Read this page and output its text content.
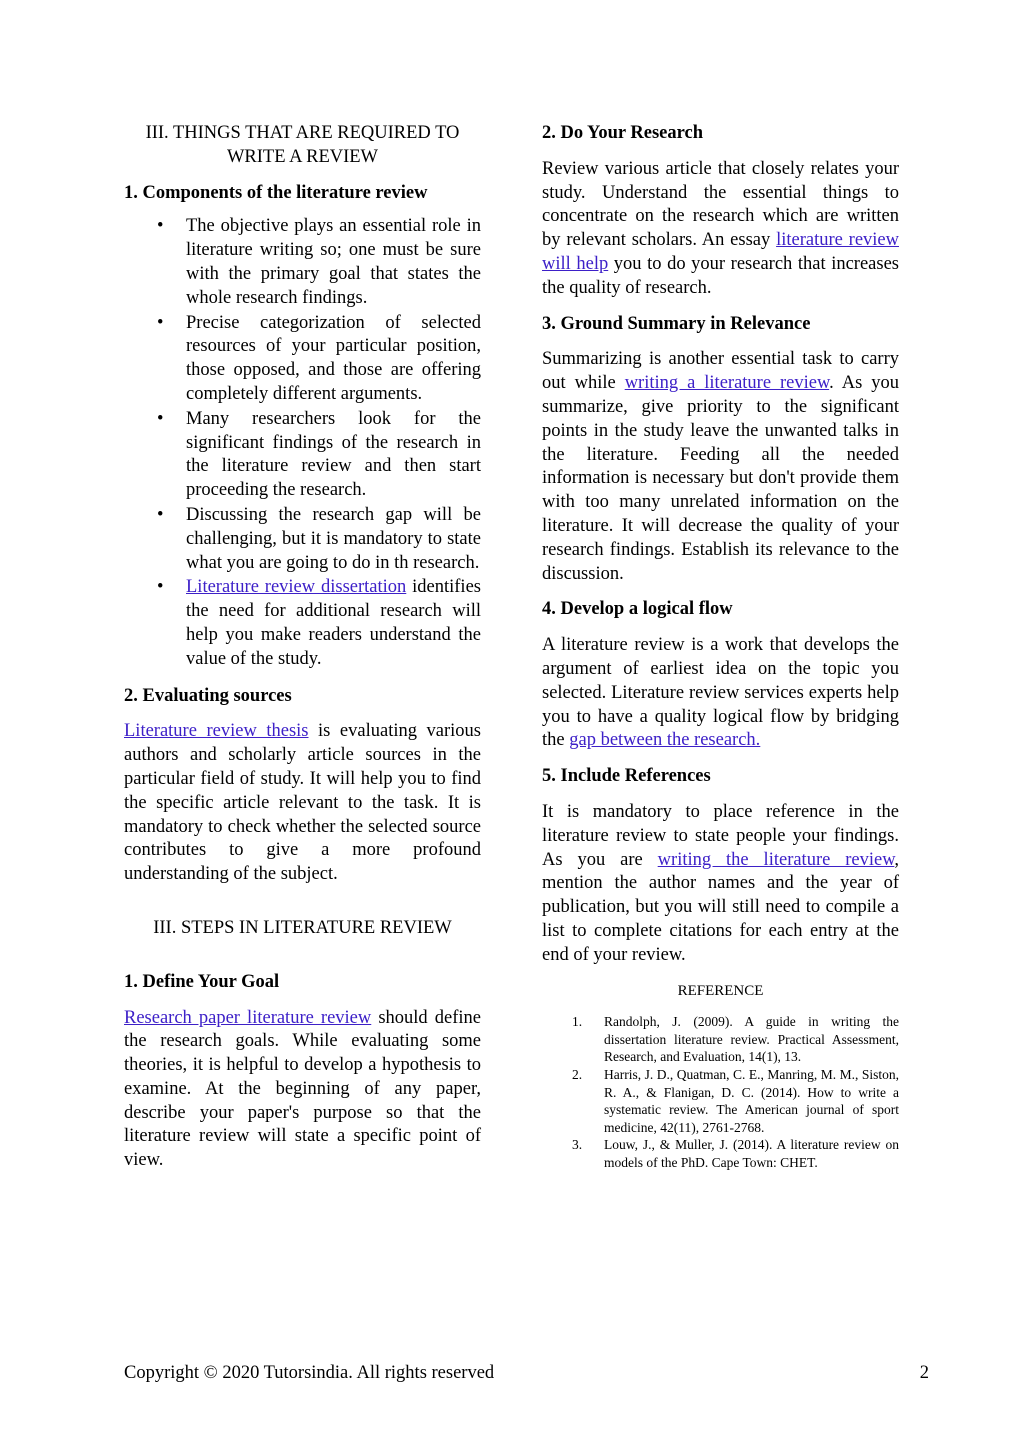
III. THINGS THAT ARE REQUIRED TO WRITE A REVIEW
1. Components of the literature review
• The objective plays an essential role in literature writing so; one must be sure with the primary goal that states the whole research findings.
• Precise categorization of selected resources of your particular position, those opposed, and those are offering completely different arguments.
• Many researchers look for the significant findings of the research in the literature review and then start proceeding the research.
• Discussing the research gap will be challenging, but it is mandatory to state what you are going to do in th research.
• Literature review dissertation identifies the need for additional research will help you make readers understand the value of the study.
2. Evaluating sources

Literature review thesis is evaluating various authors and scholarly article sources in the particular field of study. It will help you to find the specific article relevant to the task. It is mandatory to check whether the selected source contributes to give a more profound understanding of the subject.

III. STEPS IN LITERATURE REVIEW
1. Define Your Goal

Research paper literature review should define the research goals. While evaluating some theories, it is helpful to develop a hypothesis to examine. At the beginning of any paper, describe your paper's purpose so that the literature review will state a specific point of view.

2. Do Your Research

Review various article that closely relates your study. Understand the essential things to concentrate on the research which are written by relevant scholars. An essay literature review will help you to do your research that increases the quality of research.

3. Ground Summary in Relevance

Summarizing is another essential task to carry out while writing a literature review. As you summarize, give priority to the significant points in the study leave the unwanted talks in the literature. Feeding all the needed information is necessary but don't provide them with too many unrelated information on the literature. It will decrease the quality of your research findings. Establish its relevance to the discussion.

4. Develop a logical flow

A literature review is a work that develops the argument of earliest idea on the topic you selected. Literature review services experts help you to have a quality logical flow by bridging the gap between the research.

5. Include References

It is mandatory to place reference in the literature review to state people your findings. As you are writing the literature review, mention the author names and the year of publication, but you will still need to compile a list to complete citations for each entry at the end of your review.

REFERENCE
1. Randolph, J. (2009). A guide in writing the dissertation literature review. Practical Assessment, Research, and Evaluation, 14(1), 13.
2. Harris, J. D., Quatman, C. E., Manring, M. M., Siston, R. A., & Flanigan, D. C. (2014). How to write a systematic review. The American journal of sport medicine, 42(11), 2761-2768.
3. Louw, J., & Muller, J. (2014). A literature review on models of the PhD. Cape Town: CHET.
Copyright © 2020 Tutorsindia. All rights reserved	2
